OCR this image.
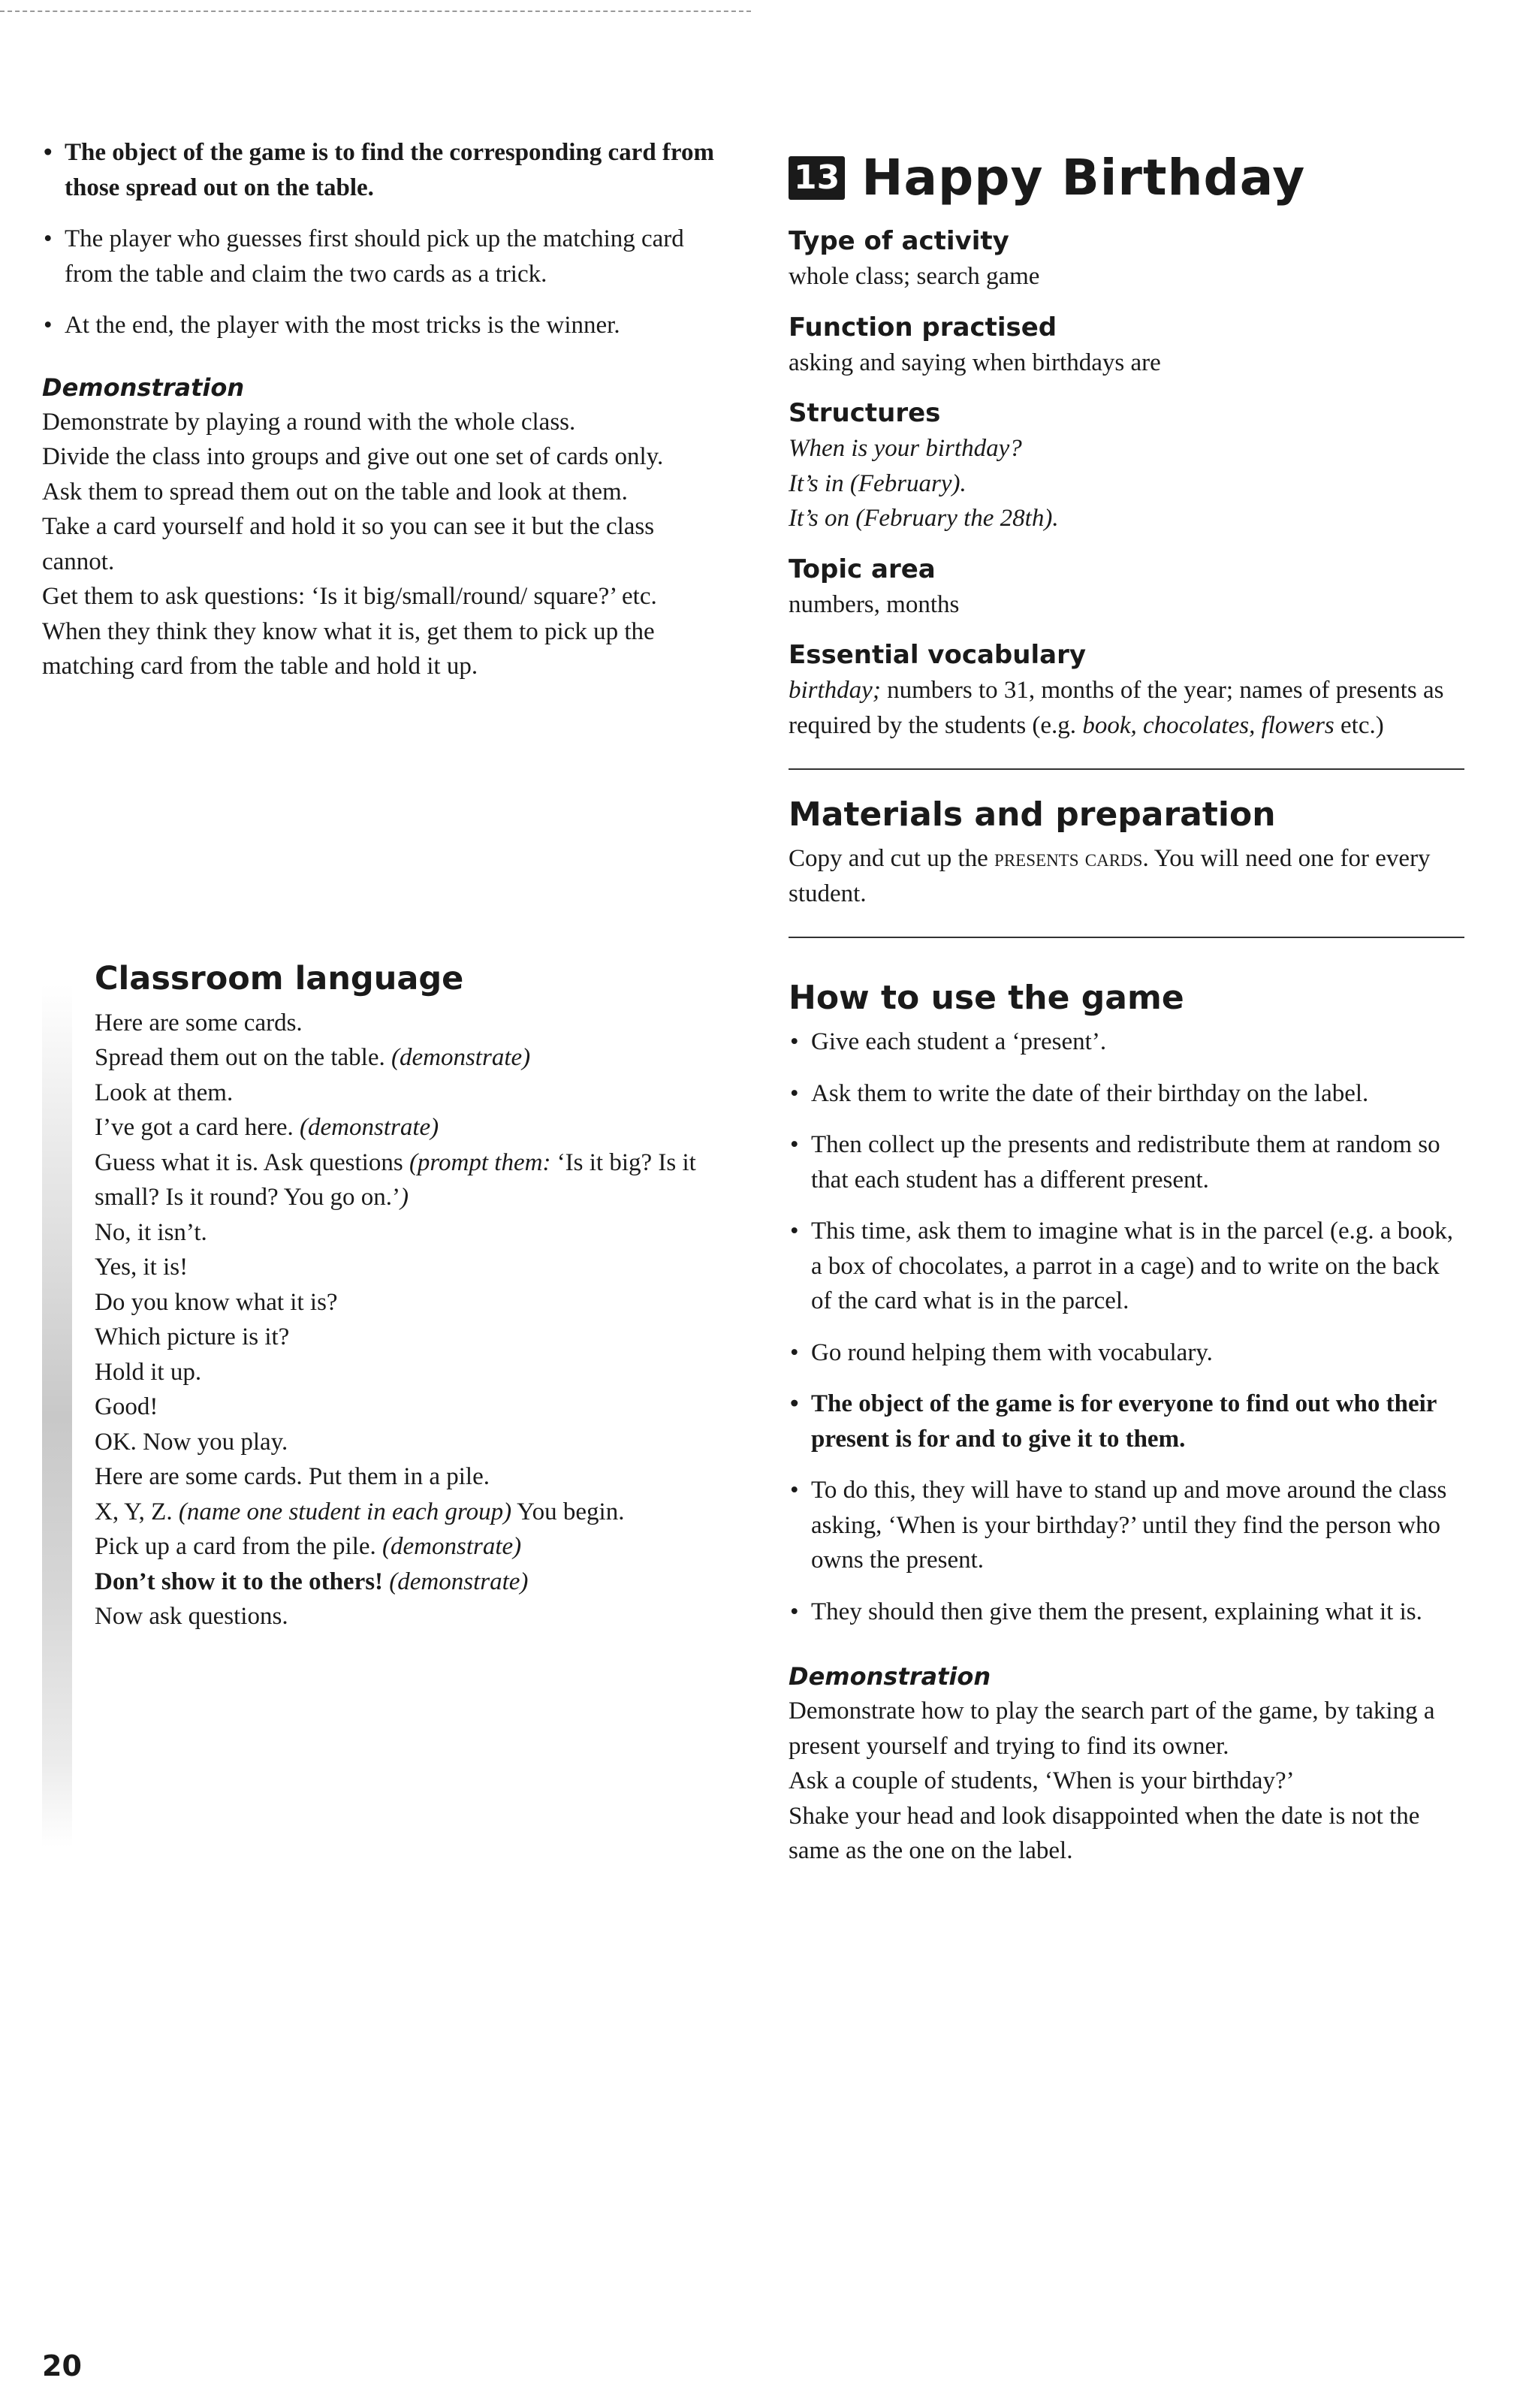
• The object of the game is to find the corresponding card from those spread out on the table.
• The player who guesses first should pick up the matching card from the table and claim the two cards as a trick.
• At the end, the player with the most tricks is the winner.
Demonstration
Demonstrate by playing a round with the whole class.
Divide the class into groups and give out one set of cards only.
Ask them to spread them out on the table and look at them.
Take a card yourself and hold it so you can see it but the class cannot.
Get them to ask questions: ‘Is it big/small/round/ square?’ etc.
When they think they know what it is, get them to pick up the matching card from the table and hold it up.
Classroom language
Here are some cards.
Spread them out on the table. (demonstrate)
Look at them.
I’ve got a card here. (demonstrate)
Guess what it is. Ask questions (prompt them: ‘Is it big? Is it small? Is it round? You go on.’)
No, it isn’t.
Yes, it is!
Do you know what it is?
Which picture is it?
Hold it up.
Good!
OK. Now you play.
Here are some cards. Put them in a pile.
X, Y, Z. (name one student in each group) You begin.
Pick up a card from the pile. (demonstrate)
Don’t show it to the others! (demonstrate)
Now ask questions.
13 Happy Birthday
Type of activity
whole class; search game
Function practised
asking and saying when birthdays are
Structures
When is your birthday?
It’s in (February).
It’s on (February the 28th).
Topic area
numbers, months
Essential vocabulary
birthday; numbers to 31, months of the year; names of presents as required by the students (e.g. book, chocolates, flowers etc.)
Materials and preparation
Copy and cut up the presents cards. You will need one for every student.
How to use the game
• Give each student a ‘present’.
• Ask them to write the date of their birthday on the label.
• Then collect up the presents and redistribute them at random so that each student has a different present.
• This time, ask them to imagine what is in the parcel (e.g. a book, a box of chocolates, a parrot in a cage) and to write on the back of the card what is in the parcel.
• Go round helping them with vocabulary.
• The object of the game is for everyone to find out who their present is for and to give it to them.
• To do this, they will have to stand up and move around the class asking, ‘When is your birthday?’ until they find the person who owns the present.
• They should then give them the present, explaining what it is.
Demonstration
Demonstrate how to play the search part of the game, by taking a present yourself and trying to find its owner.
Ask a couple of students, ‘When is your birthday?’
Shake your head and look disappointed when the date is not the same as the one on the label.
20
